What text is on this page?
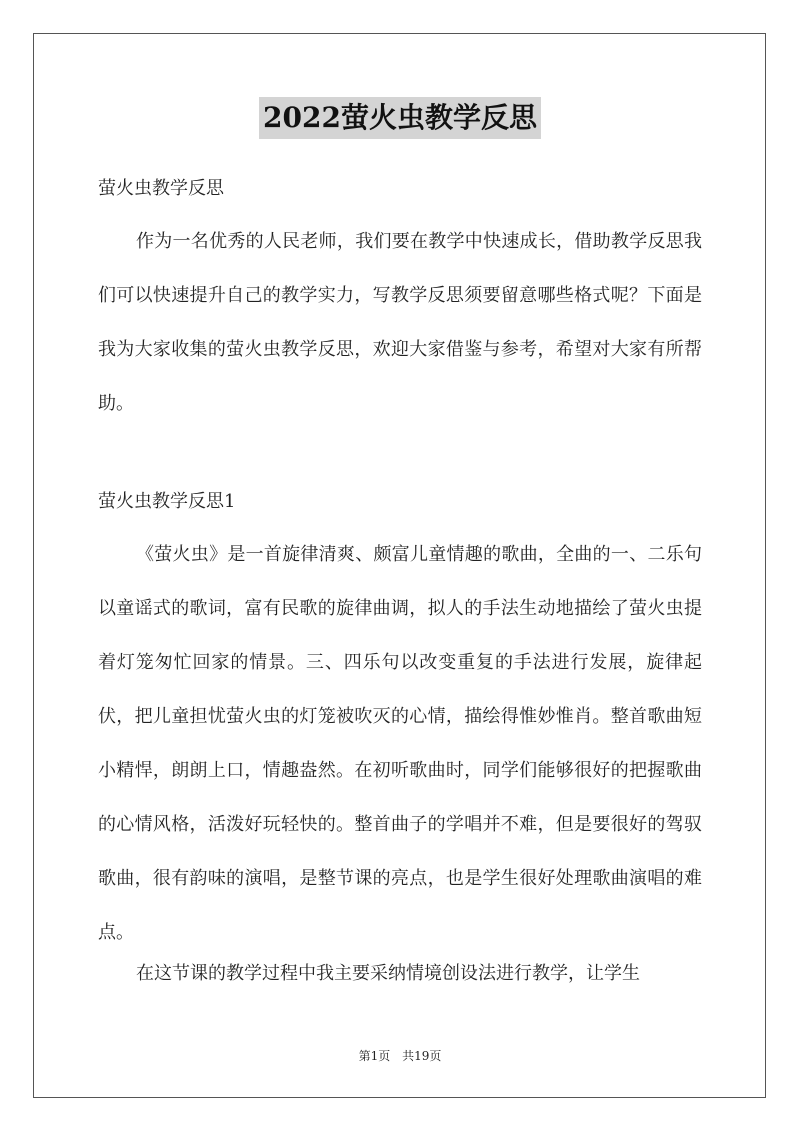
2022萤火虫教学反思
萤火虫教学反思

作为一名优秀的人民老师，我们要在教学中快速成长，借助教学反思我们可以快速提升自己的教学实力，写教学反思须要留意哪些格式呢？下面是我为大家收集的萤火虫教学反思，欢迎大家借鉴与参考，希望对大家有所帮助。

萤火虫教学反思1

《萤火虫》是一首旋律清爽、颇富儿童情趣的歌曲，全曲的一、二乐句以童谣式的歌词，富有民歌的旋律曲调，拟人的手法生动地描绘了萤火虫提着灯笼匆忙回家的情景。三、四乐句以改变重复的手法进行发展，旋律起伏，把儿童担忧萤火虫的灯笼被吹灭的心情，描绘得惟妙惟肖。整首歌曲短小精悍，朗朗上口，情趣盎然。在初听歌曲时，同学们能够很好的把握歌曲的心情风格，活泼好玩轻快的。整首曲子的学唱并不难，但是要很好的驾驭歌曲，很有韵味的演唱，是整节课的亮点，也是学生很好处理歌曲演唱的难点。

在这节课的教学过程中我主要采纳情境创设法进行教学，让学生

第1页 共19页
